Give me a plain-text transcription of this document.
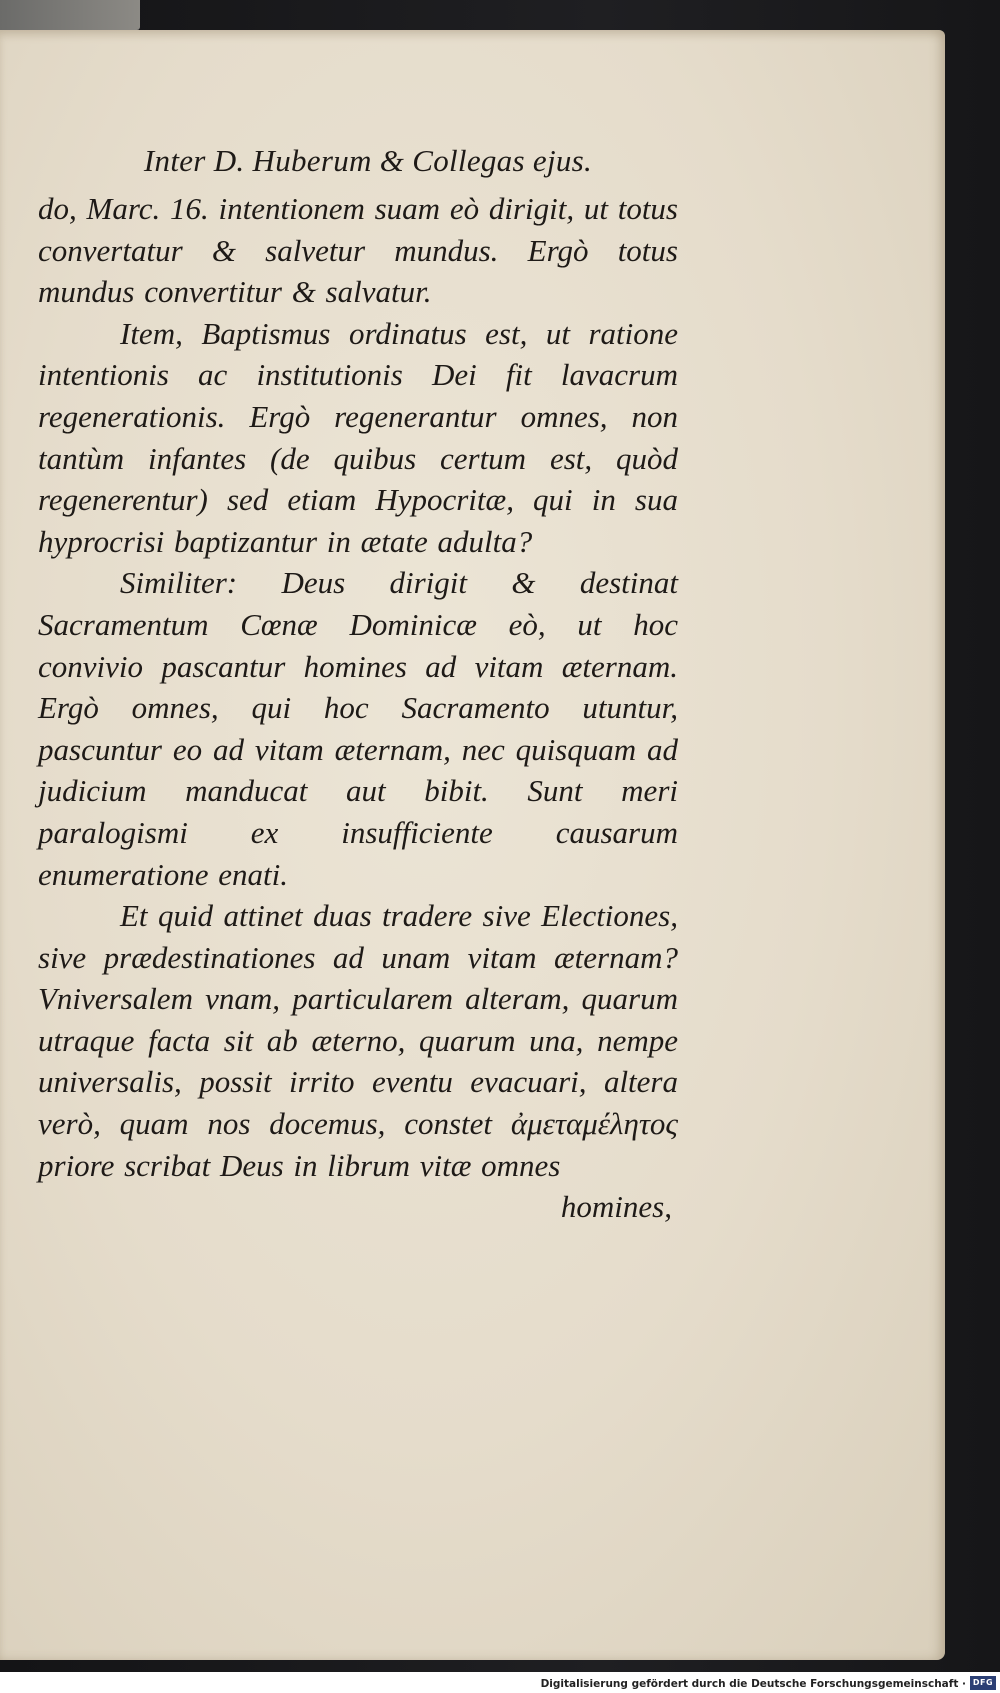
Inter D. Huberum & Collegas ejus.

do, Marc. 16. intentionem suam eò dirigit, ut totus convertatur & salvetur mundus. Ergò totus mundus convertitur & salvatur.

Item, Baptismus ordinatus est, ut ratione intentionis ac institutionis Dei fit lavacrum regenerationis. Ergò regenerantur omnes, non tantùm infantes (de quibus certum est, quòd regenerentur) sed etiam Hypocritæ, qui in sua hyprocrisi baptizantur in ætate adulta?

Similiter: Deus dirigit & destinat Sacramentum Cœnæ Dominicæ eò, ut hoc convivio pascantur homines ad vitam æternam. Ergò omnes, qui hoc Sacramento utuntur, pascuntur eo ad vitam æternam, nec quisquam ad judicium manducat aut bibit. Sunt meri paralogismi ex insufficiente causarum enumeratione enati.

Et quid attinet duas tradere sive Electiones, sive prædestinationes ad unam vitam æternam? Vniversalem vnam, particularem alteram, quarum utraque facta sit ab æterno, quarum una, nempe universalis, possit irrito eventu evacuari, altera verò, quam nos docemus, constet ἀμεταμέλητος priore scribat Deus in librum vitæ omnes

homines,

Digitalisierung gefördert durch die Deutsche Forschungsgemeinschaft · DFG
